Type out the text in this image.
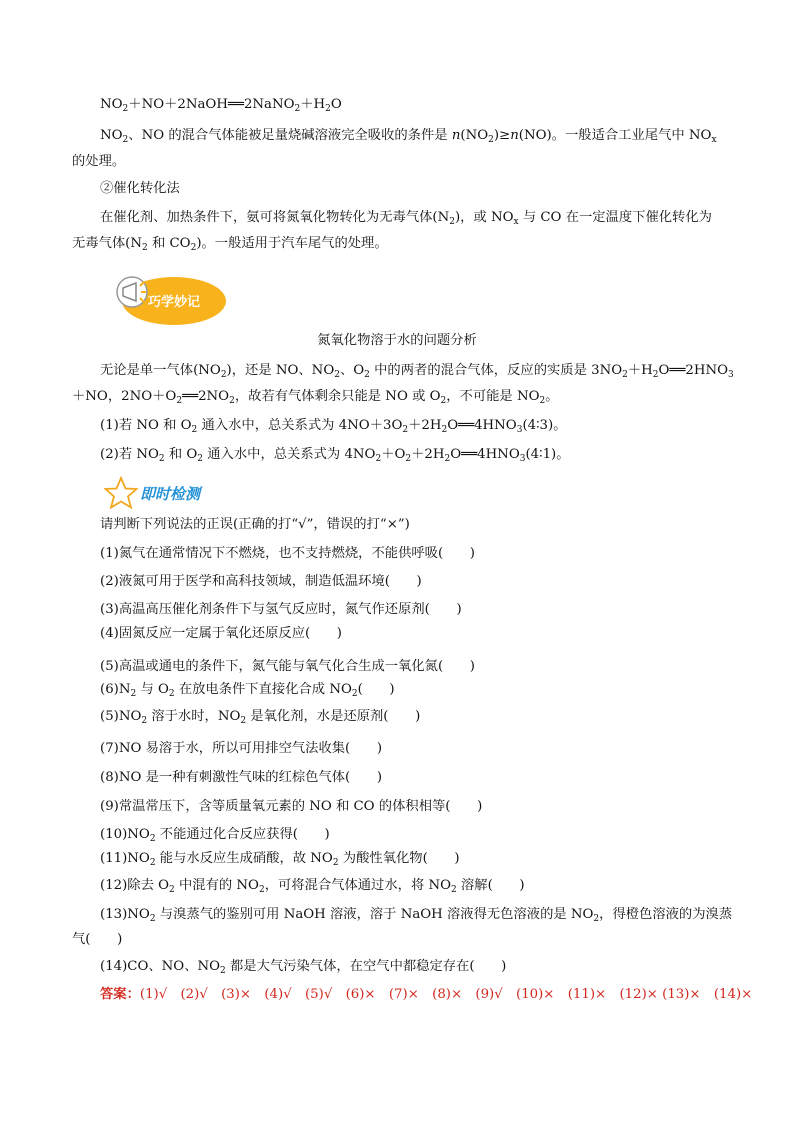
$NO_2+NO+2NaOH══2NaNO_2+H_2O$
$NO_2$、NO 的混合气体能被足量烧碱溶液完全吸收的条件是 $n(NO_2)\ge n(NO)$。一般适合工业尾气中 $NO_x$
的处理。
②催化转化法
在催化剂、加热条件下，氨可将氮氧化物转化为无毒气体$(N_2)$，或 $NO_x$ 与 CO 在一定温度下催化转化为
无毒气体($N_2$ 和 $CO_2$)。一般适用于汽车尾气的处理。
巧学妙记
氮氧化物溶于水的问题分析
无论是单一气体$(NO_2)$，还是 NO、$NO_2$、$O_2$ 中的两者的混合气体，反应的实质是 $3NO_2+H_2O══2HNO_3$
＋NO，$2NO+O_2══2NO_2$，故若有气体剩余只能是 NO 或 $O_2$，不可能是 $NO_2$。
(1)若 NO 和 $O_2$ 通入水中，总关系式为 $4NO+3O_2+2H_2O══4HNO_3(4∶3)$。
(2)若 $NO_2$ 和 $O_2$ 通入水中，总关系式为 $4NO_2+O_2+2H_2O══4HNO_3(4∶1)$。
即时检测
请判断下列说法的正误(正确的打“√”，错误的打“×”)
(1)氮气在通常情况下不燃烧，也不支持燃烧，不能供呼吸(　　)
(2)液氮可用于医学和高科技领域，制造低温环境(　　)
(3)高温高压催化剂条件下与氢气反应时，氮气作还原剂(　　)
(4)固氮反应一定属于氧化还原反应(　　)
(5)高温或通电的条件下，氮气能与氧气化合生成一氧化氮(　　)
$(6)N_2$ 与 $O_2$ 在放电条件下直接化合成 $NO_2$(　　)
$(5)NO_2$ 溶于水时，$NO_2$ 是氧化剂，水是还原剂(　　)
(7)NO 易溶于水，所以可用排空气法收集(　　)
(8)NO 是一种有刺激性气味的红棕色气体(　　)
(9)常温常压下，含等质量氧元素的 NO 和 CO 的体积相等(　　)
$(10)NO_2$ 不能通过化合反应获得(　　)
$(11)NO_2$ 能与水反应生成硝酸，故 $NO_2$ 为酸性氧化物(　　)
(12)除去 $O_2$ 中混有的 $NO_2$，可将混合气体通过水，将 $NO_2$ 溶解(　　)
$(13)NO_2$ 与溴蒸气的鉴别可用 NaOH 溶液，溶于 NaOH 溶液得无色溶液的是 $NO_2$，得橙色溶液的为溴蒸
气(　　)
(14)CO、NO、$NO_2$ 都是大气污染气体，在空气中都稳定存在(　　)
答案：(1)√　(2)√　(3)×　(4)√　(5)√　(6)×　(7)×　(8)×　(9)√　(10)×　(11)×　(12)× (13)×　(14)×
